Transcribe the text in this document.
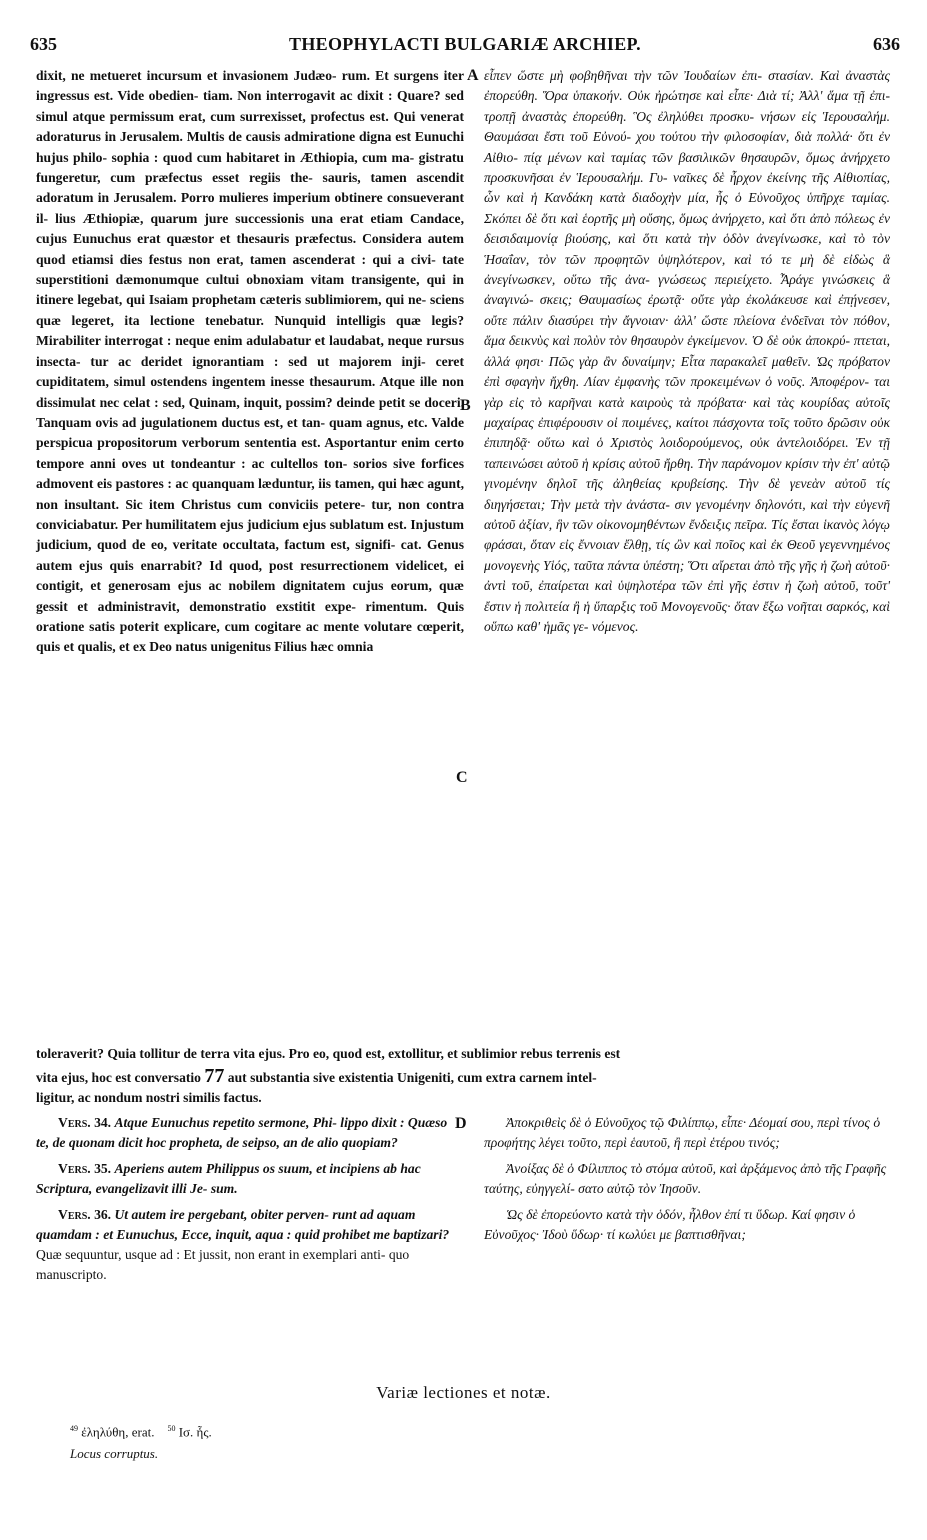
635	THEOPHYLACTI BULGARIÆ ARCHIEP.	636

dixit, ne metueret incursum et invasionem Judæo- rum. Et surgens iter ingressus est. Vide obedien- tiam. Non interrogavit ac dixit : Quare? sed simul atque permissum erat, cum surrexisset, profectus est. Qui venerat adoraturus in Jerusalem. Multis de causis admiratione digna est Eunuchi hujus philo- sophia : quod cum habitaret in Æthiopia, cum ma- gistratu fungeretur, cum præfectus esset regiis the- sauris, tamen ascendit adoratum in Jerusalem. Porro mulieres imperium obtinere consueverant il- lius Æthiopiæ, quarum jure successionis una erat etiam Candace, cujus Eunuchus erat quæstor et thesauris præfectus. Considera autem quod etiamsi dies festus non erat, tamen ascenderat : qui a civi- tate superstitioni dæmonumque cultui obnoxiam vitam transigente, qui in itinere legebat, qui Isaiam prophetam cæteris sublimiorem, qui ne- sciens quæ legeret, ita lectione tenebatur. Nunquid intelligis quæ legis? Mirabiliter interrogat : neque enim adulabatur et laudabat, neque rursus insecta- tur ac deridet ignorantiam : sed ut majorem inji- ceret cupiditatem, simul ostendens ingentem inesse thesaurum. Atque ille non dissimulat nec celat : sed, Quinam, inquit, possim? deinde petit se doceri. Tanquam ovis ad jugulationem ductus est, et tan- quam agnus, etc. Valde perspicua propositorum verborum sententia est. Asportantur enim certo tempore anni oves ut tondeantur : ac cultellos ton- sorios sive forfices admovent eis pastores : ac quanquam læduntur, iis tamen, qui hæc agunt, non insultant. Sic item Christus cum conviciis petere- tur, non contra conviciabatur. Per humilitatem ejus judicium ejus sublatum est. Injustum judicium, quod de eo, veritate occultata, factum est, signifi- cat. Genus autem ejus quis enarrabit? Id quod, post resurrectionem videlicet, ei contigit, et generosam ejus ac nobilem dignitatem cujus eorum, quæ gessit et administravit, demonstratio exstitit expe- rimentum. Quis oratione satis poterit explicare, cum cogitare ac mente volutare cœperit, quis et qualis, et ex Deo natus unigenitus Filius hæc omnia

εἶπεν ὥστε μὴ φοβηθῆναι τὴν τῶν Ἰουδαίων ἐπι- στασίαν. Καὶ ἀναστὰς ἐπορεύθη. Ὅρα ὑπακοήν. Οὐκ ἠρώτησε καὶ εἶπε· Διὰ τί; Ἀλλ' ἅμα τῇ ἐπι- τροπῇ ἀναστὰς ἐπορεύθη. Ὃς ἐληλύθει προσκυ- νήσων εἰς Ἱερουσαλήμ. Θαυμάσαι ἔστι τοῦ Εὐνού- χου τούτου τὴν φιλοσοφίαν, διὰ πολλά· ὅτι ἐν Αἰθιο- πίᾳ μένων καὶ ταμίας τῶν βασιλικῶν θησαυρῶν, ὅμως ἀνήρχετο προσκυνῆσαι ἐν Ἱερουσαλήμ. Γυ- ναῖκες δὲ ἦρχον ἐκείνης τῆς Αἰθιοπίας, ὧν καὶ ἡ Κανδάκη κατὰ διαδοχὴν μία, ἧς ὁ Εὐνοῦχος ὑπῆρχε ταμίας. Σκόπει δὲ ὅτι καὶ ἑορτῆς μὴ οὔσης, ὅμως ἀνήρχετο, καὶ ὅτι ἀπὸ πόλεως ἐν δεισιδαιμονίᾳ βιούσης, καὶ ὅτι κατὰ τὴν ὁδὸν ἀνεγίνωσκε, καὶ τὸ τὸν Ἡσαΐαν, τὸν τῶν προφητῶν ὑψηλότερον, καὶ τό τε μὴ δὲ εἰδὼς ἃ ἀνεγίνωσκεν, οὕτω τῆς ἀνα- γνώσεως περιείχετο. Ἆράγε γινώσκεις ἃ ἀναγινώ- σκεις; Θαυμασίως ἐρωτᾷ· οὔτε γὰρ ἐκολάκευσε καὶ ἐπῄνεσεν, οὔτε πάλιν διασύρει τὴν ἄγνοιαν· ἀλλ' ὥστε πλείονα ἐνδεῖναι τὸν πόθον, ἅμα δεικνὺς καὶ πολὺν τὸν θησαυρὸν ἐγκείμενον. Ὁ δὲ οὐκ ἀποκρύ- πτεται, ἀλλά φησι· Πῶς γὰρ ἂν δυναίμην; Εἶτα παρακαλεῖ μαθεῖν. Ὡς πρόβατον ἐπὶ σφαγὴν ἤχθη. Λίαν ἐμφανὴς τῶν προκειμένων ὁ νοῦς. Ἀποφέρον- ται γὰρ εἰς τὸ καρῆναι κατὰ καιροὺς τὰ πρόβατα· καὶ τὰς κουρίδας αὐτοῖς μαχαίρας ἐπιφέρουσιν οἱ ποιμένες, καίτοι πάσχοντα τοῖς τοῦτο δρῶσιν οὐκ ἐπιπηδᾷ· οὕτω καὶ ὁ Χριστὸς λοιδορούμενος, οὐκ ἀντελοιδόρει. Ἐν τῇ ταπεινώσει αὐτοῦ ἡ κρίσις αὐτοῦ ἤρθη. Τὴν παράνομον κρίσιν τὴν ἐπ' αὐτῷ γινομένην δηλοῖ τῆς ἀληθείας κρυβείσης. Τὴν δὲ γενεὰν αὐτοῦ τίς διηγήσεται; Τὴν μετὰ τὴν ἀνάστα- σιν γενομένην δηλονότι, καὶ τὴν εὐγενῆ αὐτοῦ ἀξίαν, ἣν τῶν οἰκονομηθέντων ἔνδειξις πεῖρα. Τίς ἔσται ἱκανὸς λόγῳ φράσαι, ὅταν εἰς ἔννοιαν ἔλθῃ, τίς ὢν καὶ ποῖος καὶ ἐκ Θεοῦ γεγεννημένος μονογενὴς Υἱός, ταῦτα πάντα ὑπέστη; Ὅτι αἴρεται ἀπὸ τῆς γῆς ἡ ζωὴ αὐτοῦ· ἀντὶ τοῦ, ἐπαίρεται καὶ ὑψηλοτέρα τῶν ἐπὶ γῆς ἐστιν ἡ ζωὴ αὐτοῦ, τοῦτ' ἔστιν ἡ πολιτεία ἢ ἡ ὕπαρξις τοῦ Μονογενοῦς· ὅταν ἔξω νοῆται σαρκός, καὶ οὕπω καθ' ἡμᾶς γε- νόμενος.

A
B
C
D
toleraverit? Quia tollitur de terra vita ejus. Pro eo, quod est, extollitur, et sublimior rebus terrenis est
vita ejus, hoc est conversatio 77 aut substantia sive existentia Unigeniti, cum extra carnem intel-
ligitur, ac nondum nostri similis factus.

Vers. 34. Atque Eunuchus repetito sermone, Phi- lippo dixit : Quæso te, de quonam dicit hoc propheta, de seipso, an de alio quopiam?

Vers. 35. Aperiens autem Philippus os suum, et incipiens ab hac Scriptura, evangelizavit illi Je- sum.

Vers. 36. Ut autem ire pergebant, obiter perven- runt ad aquam quamdam : et Eunuchus, Ecce, inquit, aqua : quid prohibet me baptizari? Quæ sequuntur, usque ad : Et jussit, non erant in exemplari anti- quo manuscripto.

Ἀποκριθεὶς δὲ ὁ Εὐνοῦχος τῷ Φιλίππῳ, εἶπε· Δέομαί σου, περὶ τίνος ὁ προφήτης λέγει τοῦτο, περὶ ἑαυτοῦ, ἢ περὶ ἑτέρου τινός;

Ἀνοίξας δὲ ὁ Φίλιππος τὸ στόμα αὐτοῦ, καὶ ἀρξάμενος ἀπὸ τῆς Γραφῆς ταύτης, εὐηγγελί- σατο αὐτῷ τὸν Ἰησοῦν.

Ὡς δὲ ἐπορεύοντο κατὰ τὴν ὁδόν, ἦλθον ἐπί τι ὕδωρ. Καί φησιν ὁ Εὐνοῦχος· Ἰδοὺ ὕδωρ· τί κωλύει με βαπτισθῆναι;

Variæ lectiones et notæ.

$^{49}$ ἐληλύθη, erat. $^{50}$ Ισ. ἧς.

Locus corruptus.
